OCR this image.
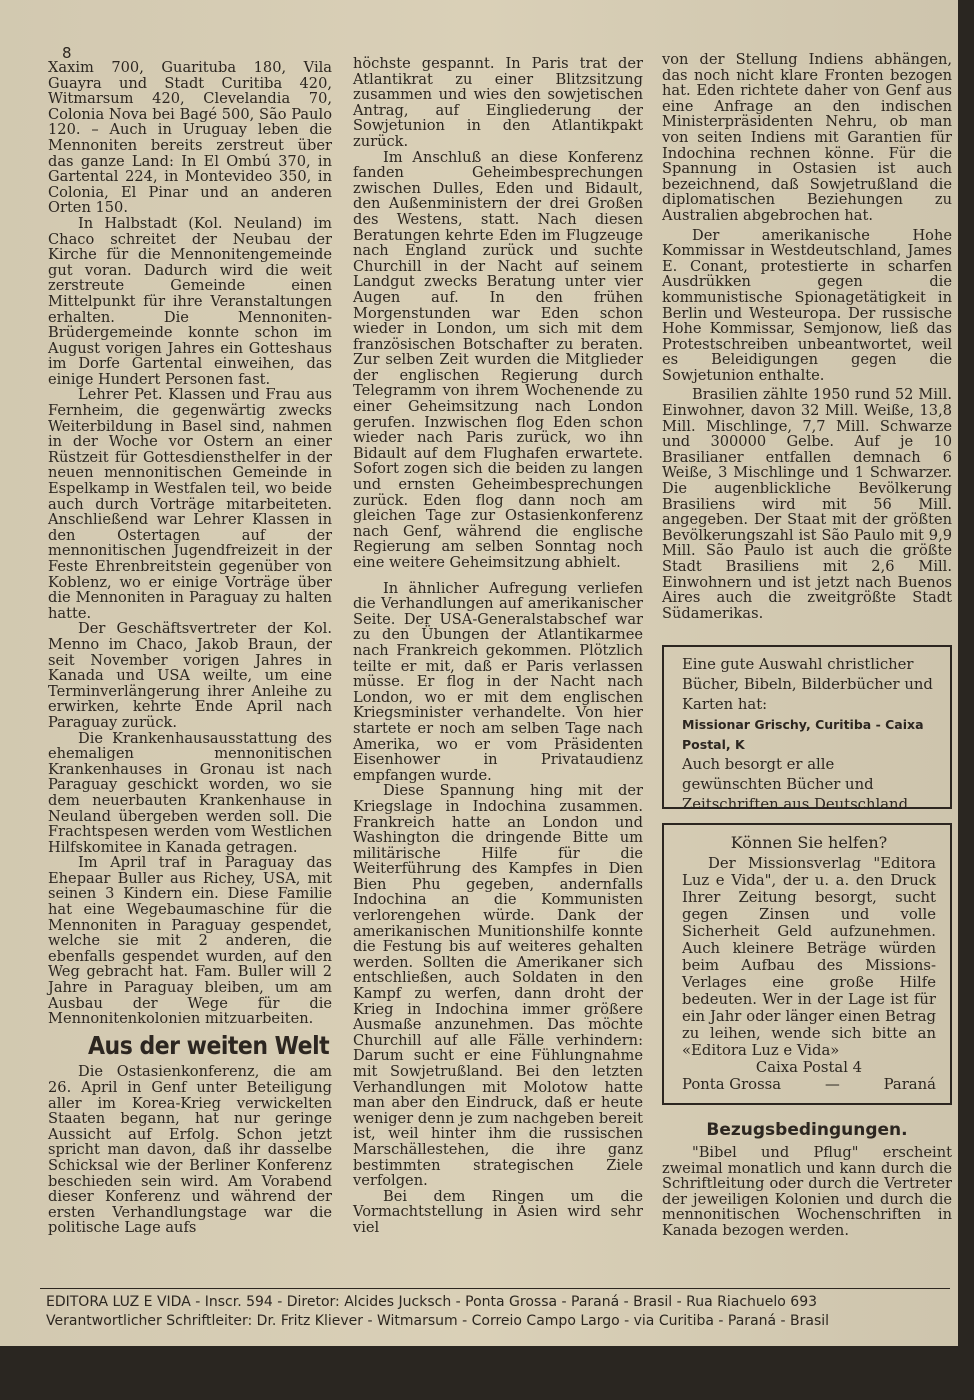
8

Xaxim 700, Guarituba 180, Vila Guayra und Stadt Curitiba 420, Witmarsum 420, Clevelandia 70, Colonia Nova bei Bagé 500, São Paulo 120. – Auch in Uruguay leben die Mennoniten bereits zerstreut über das ganze Land: In El Ombú 370, in Gartental 224, in Montevideo 350, in Colonia, El Pinar und an anderen Orten 150.

In Halbstadt (Kol. Neuland) im Chaco schreitet der Neubau der Kirche für die Mennonitengemeinde gut voran. Dadurch wird die weit zerstreute Gemeinde einen Mittelpunkt für ihre Veranstaltungen erhalten. Die Mennoniten-Brüdergemeinde konnte schon im August vorigen Jahres ein Gotteshaus im Dorfe Gartental einweihen, das einige Hundert Personen fast.

Lehrer Pet. Klassen und Frau aus Fernheim, die gegenwärtig zwecks Weiterbildung in Basel sind, nahmen in der Woche vor Ostern an einer Rüstzeit für Gottesdiensthelfer in der neuen mennonitischen Gemeinde in Espelkamp in Westfalen teil, wo beide auch durch Vorträge mitarbeiteten. Anschließend war Lehrer Klassen in den Ostertagen auf der mennonitischen Jugendfreizeit in der Feste Ehrenbreitstein gegenüber von Koblenz, wo er einige Vorträge über die Mennoniten in Paraguay zu halten hatte.

Der Geschäftsvertreter der Kol. Menno im Chaco, Jakob Braun, der seit November vorigen Jahres in Kanada und USA weilte, um eine Terminverlängerung ihrer Anleihe zu erwirken, kehrte Ende April nach Paraguay zurück.

Die Krankenhausausstattung des ehemaligen mennonitischen Krankenhauses in Gronau ist nach Paraguay geschickt worden, wo sie dem neuerbauten Krankenhause in Neuland übergeben werden soll. Die Frachtspesen werden vom Westlichen Hilfskomitee in Kanada getragen.

Im April traf in Paraguay das Ehepaar Buller aus Richey, USA, mit seinen 3 Kindern ein. Diese Familie hat eine Wegebaumaschine für die Mennoniten in Paraguay gespendet, welche sie mit 2 anderen, die ebenfalls gespendet wurden, auf den Weg gebracht hat. Fam. Buller will 2 Jahre in Paraguay bleiben, um am Ausbau der Wege für die Mennonitenkolonien mitzuarbeiten.

Aus der weiten Welt

Die Ostasienkonferenz, die am 26. April in Genf unter Beteiligung aller im Korea-Krieg verwickelten Staaten begann, hat nur geringe Aussicht auf Erfolg. Schon jetzt spricht man davon, daß ihr dasselbe Schicksal wie der Berliner Konferenz beschieden sein wird. Am Vorabend dieser Konferenz und während der ersten Verhandlungstage war die politische Lage aufs

höchste gespannt. In Paris trat der Atlantikrat zu einer Blitzsitzung zusammen und wies den sowjetischen Antrag, auf Eingliederung der Sowjetunion in den Atlantikpakt zurück.

Im Anschluß an diese Konferenz fanden Geheimbesprechungen zwischen Dulles, Eden und Bidault, den Außenministern der drei Großen des Westens, statt. Nach diesen Beratungen kehrte Eden im Flugzeuge nach England zurück und suchte Churchill in der Nacht auf seinem Landgut zwecks Beratung unter vier Augen auf. In den frühen Morgenstunden war Eden schon wieder in London, um sich mit dem französischen Botschafter zu beraten. Zur selben Zeit wurden die Mitglieder der englischen Regierung durch Telegramm von ihrem Wochenende zu einer Geheimsitzung nach London gerufen. Inzwischen flog Eden schon wieder nach Paris zurück, wo ihn Bidault auf dem Flughafen erwartete. Sofort zogen sich die beiden zu langen und ernsten Geheimbesprechungen zurück. Eden flog dann noch am gleichen Tage zur Ostasienkonferenz nach Genf, während die englische Regierung am selben Sonntag noch eine weitere Geheimsitzung abhielt.

In ähnlicher Aufregung verliefen die Verhandlungen auf amerikanischer Seite. Der USA-Generalstabschef war zu den Übungen der Atlantikarmee nach Frankreich gekommen. Plötzlich teilte er mit, daß er Paris verlassen müsse. Er flog in der Nacht nach London, wo er mit dem englischen Kriegsminister verhandelte. Von hier startete er noch am selben Tage nach Amerika, wo er vom Präsidenten Eisenhower in Privataudienz empfangen wurde.

Diese Spannung hing mit der Kriegslage in Indochina zusammen. Frankreich hatte an London und Washington die dringende Bitte um militärische Hilfe für die Weiterführung des Kampfes in Dien Bien Phu gegeben, andernfalls Indochina an die Kommunisten verlorengehen würde. Dank der amerikanischen Munitionshilfe konnte die Festung bis auf weiteres gehalten werden. Sollten die Amerikaner sich entschließen, auch Soldaten in den Kampf zu werfen, dann droht der Krieg in Indochina immer größere Ausmaße anzunehmen. Das möchte Churchill auf alle Fälle verhindern: Darum sucht er eine Fühlungnahme mit Sowjetrußland. Bei den letzten Verhandlungen mit Molotow hatte man aber den Eindruck, daß er heute weniger denn je zum nachgeben bereit ist, weil hinter ihm die russischen Marschällestehen, die ihre ganz bestimmten strategischen Ziele verfolgen.

Bei dem Ringen um die Vormachtstellung in Asien wird sehr viel

von der Stellung Indiens abhängen, das noch nicht klare Fronten bezogen hat. Eden richtete daher von Genf aus eine Anfrage an den indischen Ministerpräsidenten Nehru, ob man von seiten Indiens mit Garantien für Indochina rechnen könne. Für die Spannung in Ostasien ist auch bezeichnend, daß Sowjetrußland die diplomatischen Beziehungen zu Australien abgebrochen hat.

Der amerikanische Hohe Kommissar in Westdeutschland, James E. Conant, protestierte in scharfen Ausdrükken gegen die kommunistische Spionagetätigkeit in Berlin und Westeuropa. Der russische Hohe Kommissar, Semjonow, ließ das Protestschreiben unbeantwortet, weil es Beleidigungen gegen die Sowjetunion enthalte.

Brasilien zählte 1950 rund 52 Mill. Einwohner, davon 32 Mill. Weiße, 13,8 Mill. Mischlinge, 7,7 Mill. Schwarze und 300000 Gelbe. Auf je 10 Brasilianer entfallen demnach 6 Weiße, 3 Mischlinge und 1 Schwarzer. Die augenblickliche Bevölkerung Brasiliens wird mit 56 Mill. angegeben. Der Staat mit der größten Bevölkerungszahl ist São Paulo mit 9,9 Mill. São Paulo ist auch die größte Stadt Brasiliens mit 2,6 Mill. Einwohnern und ist jetzt nach Buenos Aires auch die zweitgrößte Stadt Südamerikas.

Eine gute Auswahl christlicher Bücher, Bibeln, Bilderbücher und Karten hat:
Missionar Grischy, Curitiba - Caixa Postal, K
Auch besorgt er alle gewünschten Bücher und Zeitschriften aus Deutschland.
Können Sie helfen?

Der Missionsverlag "Editora Luz e Vida", der u. a. den Druck Ihrer Zeitung besorgt, sucht gegen Zinsen und volle Sicherheit Geld aufzunehmen. Auch kleinere Beträge würden beim Aufbau des Missions-Verlages eine große Hilfe bedeuten. Wer in der Lage ist für ein Jahr oder länger einen Betrag zu leihen, wende sich bitte an «Editora Luz e Vida»

Caixa Postal 4

Ponta Grossa	—	Paraná

Bezugsbedingungen.

"Bibel und Pflug" erscheint zweimal monatlich und kann durch die Schriftleitung oder durch die Vertreter der jeweiligen Kolonien und durch die mennonitischen Wochenschriften in Kanada bezogen werden.

EDITORA LUZ E VIDA - Inscr. 594 - Diretor: Alcides Jucksch - Ponta Grossa - Paraná - Brasil - Rua Riachuelo 693
Verantwortlicher Schriftleiter: Dr. Fritz Kliever - Witmarsum - Correio Campo Largo - via Curitiba - Paraná - Brasil
